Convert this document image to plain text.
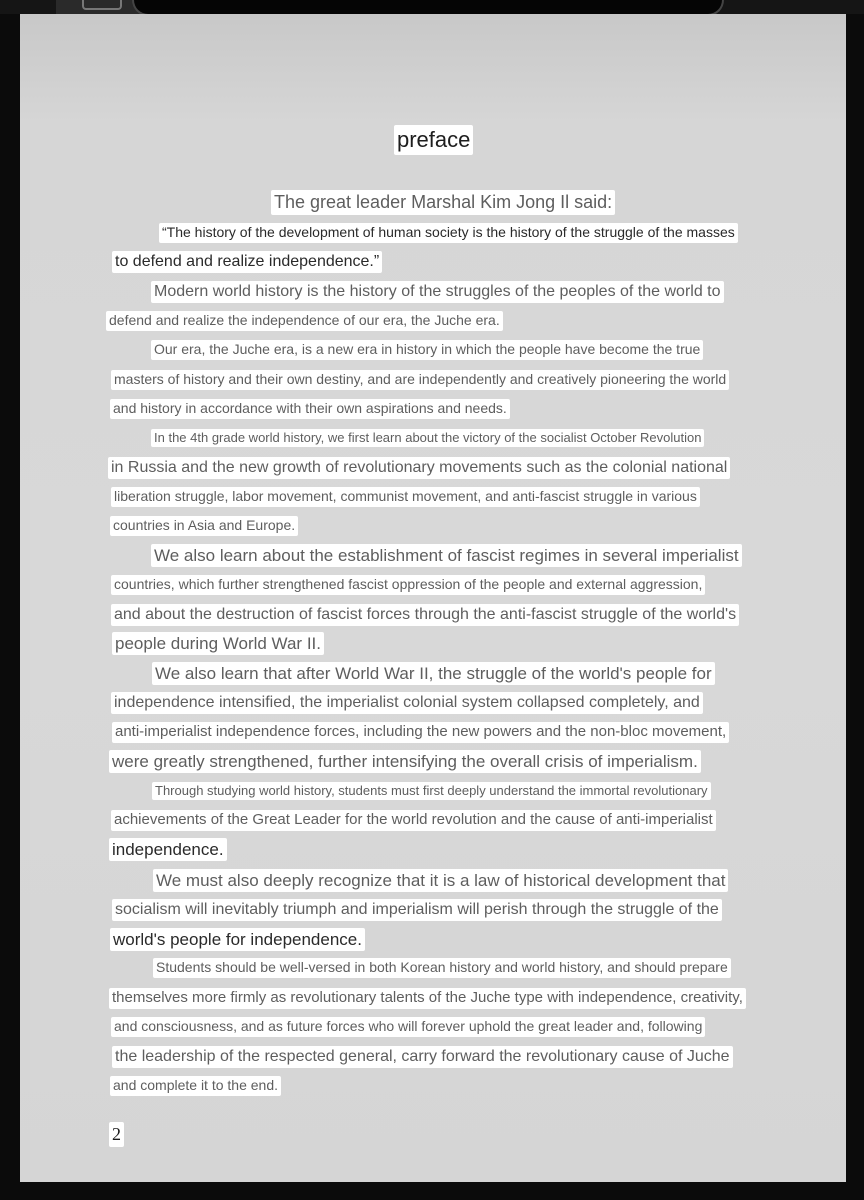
preface
The great leader Marshal Kim Jong Il said:
“The history of the development of human society is the history of the struggle of the masses
to defend and realize independence.”
Modern world history is the history of the struggles of the peoples of the world to
defend and realize the independence of our era, the Juche era.
Our era, the Juche era, is a new era in history in which the people have become the true
masters of history and their own destiny, and are independently and creatively pioneering the world
and history in accordance with their own aspirations and needs.
In the 4th grade world history, we first learn about the victory of the socialist October Revolution
in Russia and the new growth of revolutionary movements such as the colonial national
liberation struggle, labor movement, communist movement, and anti-fascist struggle in various
countries in Asia and Europe.
We also learn about the establishment of fascist regimes in several imperialist
countries, which further strengthened fascist oppression of the people and external aggression,
and about the destruction of fascist forces through the anti-fascist struggle of the world's
people during World War II.
We also learn that after World War II, the struggle of the world's people for
independence intensified, the imperialist colonial system collapsed completely, and
anti-imperialist independence forces, including the new powers and the non-bloc movement,
were greatly strengthened, further intensifying the overall crisis of imperialism.
Through studying world history, students must first deeply understand the immortal revolutionary
achievements of the Great Leader for the world revolution and the cause of anti-imperialist
independence.
We must also deeply recognize that it is a law of historical development that
socialism will inevitably triumph and imperialism will perish through the struggle of the
world's people for independence.
Students should be well-versed in both Korean history and world history, and should prepare
themselves more firmly as revolutionary talents of the Juche type with independence, creativity,
and consciousness, and as future forces who will forever uphold the great leader and, following
the leadership of the respected general, carry forward the revolutionary cause of Juche
and complete it to the end.
2
